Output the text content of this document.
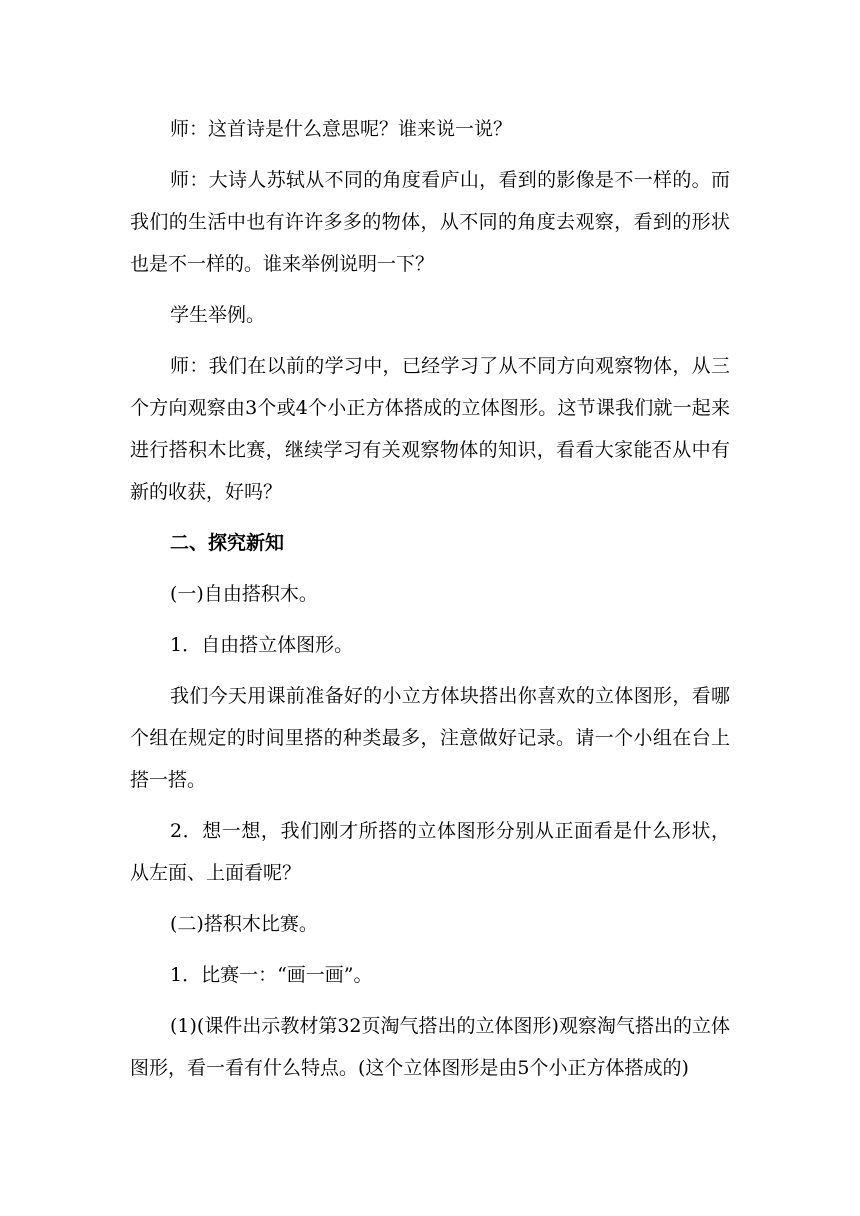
师：这首诗是什么意思呢？谁来说一说？

师：大诗人苏轼从不同的角度看庐山，看到的影像是不一样的。而我们的生活中也有许许多多的物体，从不同的角度去观察，看到的形状也是不一样的。谁来举例说明一下？

学生举例。

师：我们在以前的学习中，已经学习了从不同方向观察物体，从三个方向观察由3个或4个小正方体搭成的立体图形。这节课我们就一起来进行搭积木比赛，继续学习有关观察物体的知识，看看大家能否从中有新的收获，好吗？

二、探究新知

(一)自由搭积木。

1．自由搭立体图形。

我们今天用课前准备好的小立方体块搭出你喜欢的立体图形，看哪个组在规定的时间里搭的种类最多，注意做好记录。请一个小组在台上搭一搭。

2．想一想，我们刚才所搭的立体图形分别从正面看是什么形状，从左面、上面看呢？

(二)搭积木比赛。

1．比赛一：“画一画”。

(1)(课件出示教材第32页淘气搭出的立体图形)观察淘气搭出的立体图形，看一看有什么特点。(这个立体图形是由5个小正方体搭成的)
